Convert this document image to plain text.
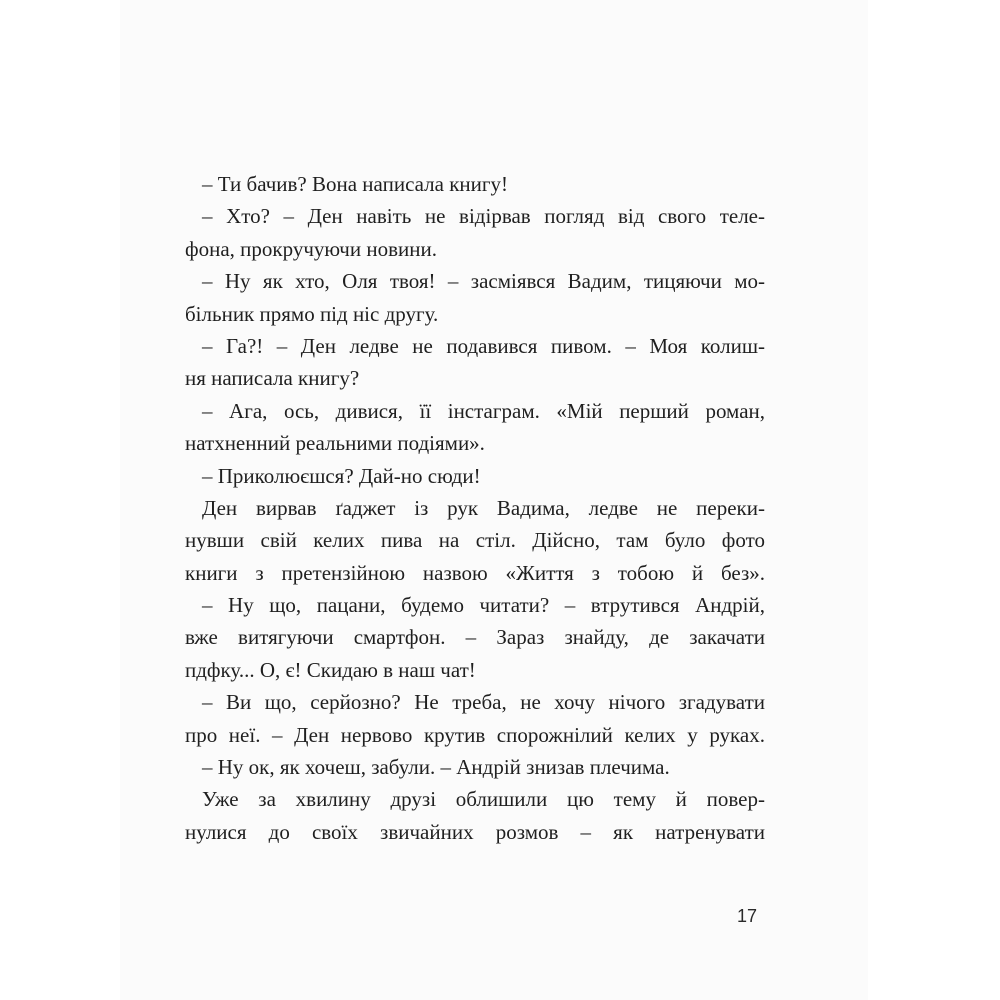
– Ти бачив? Вона написала книгу!
– Хто? – Ден навіть не відірвав погляд від свого теле-
фона, прокручуючи новини.
– Ну як хто, Оля твоя! – засміявся Вадим, тицяючи мо-
більник прямо під ніс другу.
– Га?! – Ден ледве не подавився пивом. – Моя колиш-
ня написала книгу?
– Ага, ось, дивися, її інстаграм. «Мій перший роман,
натхненний реальними подіями».
– Приколюєшся? Дай-но сюди!
Ден вирвав ґаджет із рук Вадима, ледве не переки-
нувши свій келих пива на стіл. Дійсно, там було фото
книги з претензійною назвою «Життя з тобою й без».
– Ну що, пацани, будемо читати? – втрутився Андрій,
вже витягуючи смартфон. – Зараз знайду, де закачати
пдфку... О, є! Скидаю в наш чат!
– Ви що, серйозно? Не треба, не хочу нічого згадувати
про неї. – Ден нервово крутив спорожнілий келих у руках.
– Ну ок, як хочеш, забули. – Андрій знизав плечима.
Уже за хвилину друзі облишили цю тему й повер-
нулися до своїх звичайних розмов – як натренувати
17
